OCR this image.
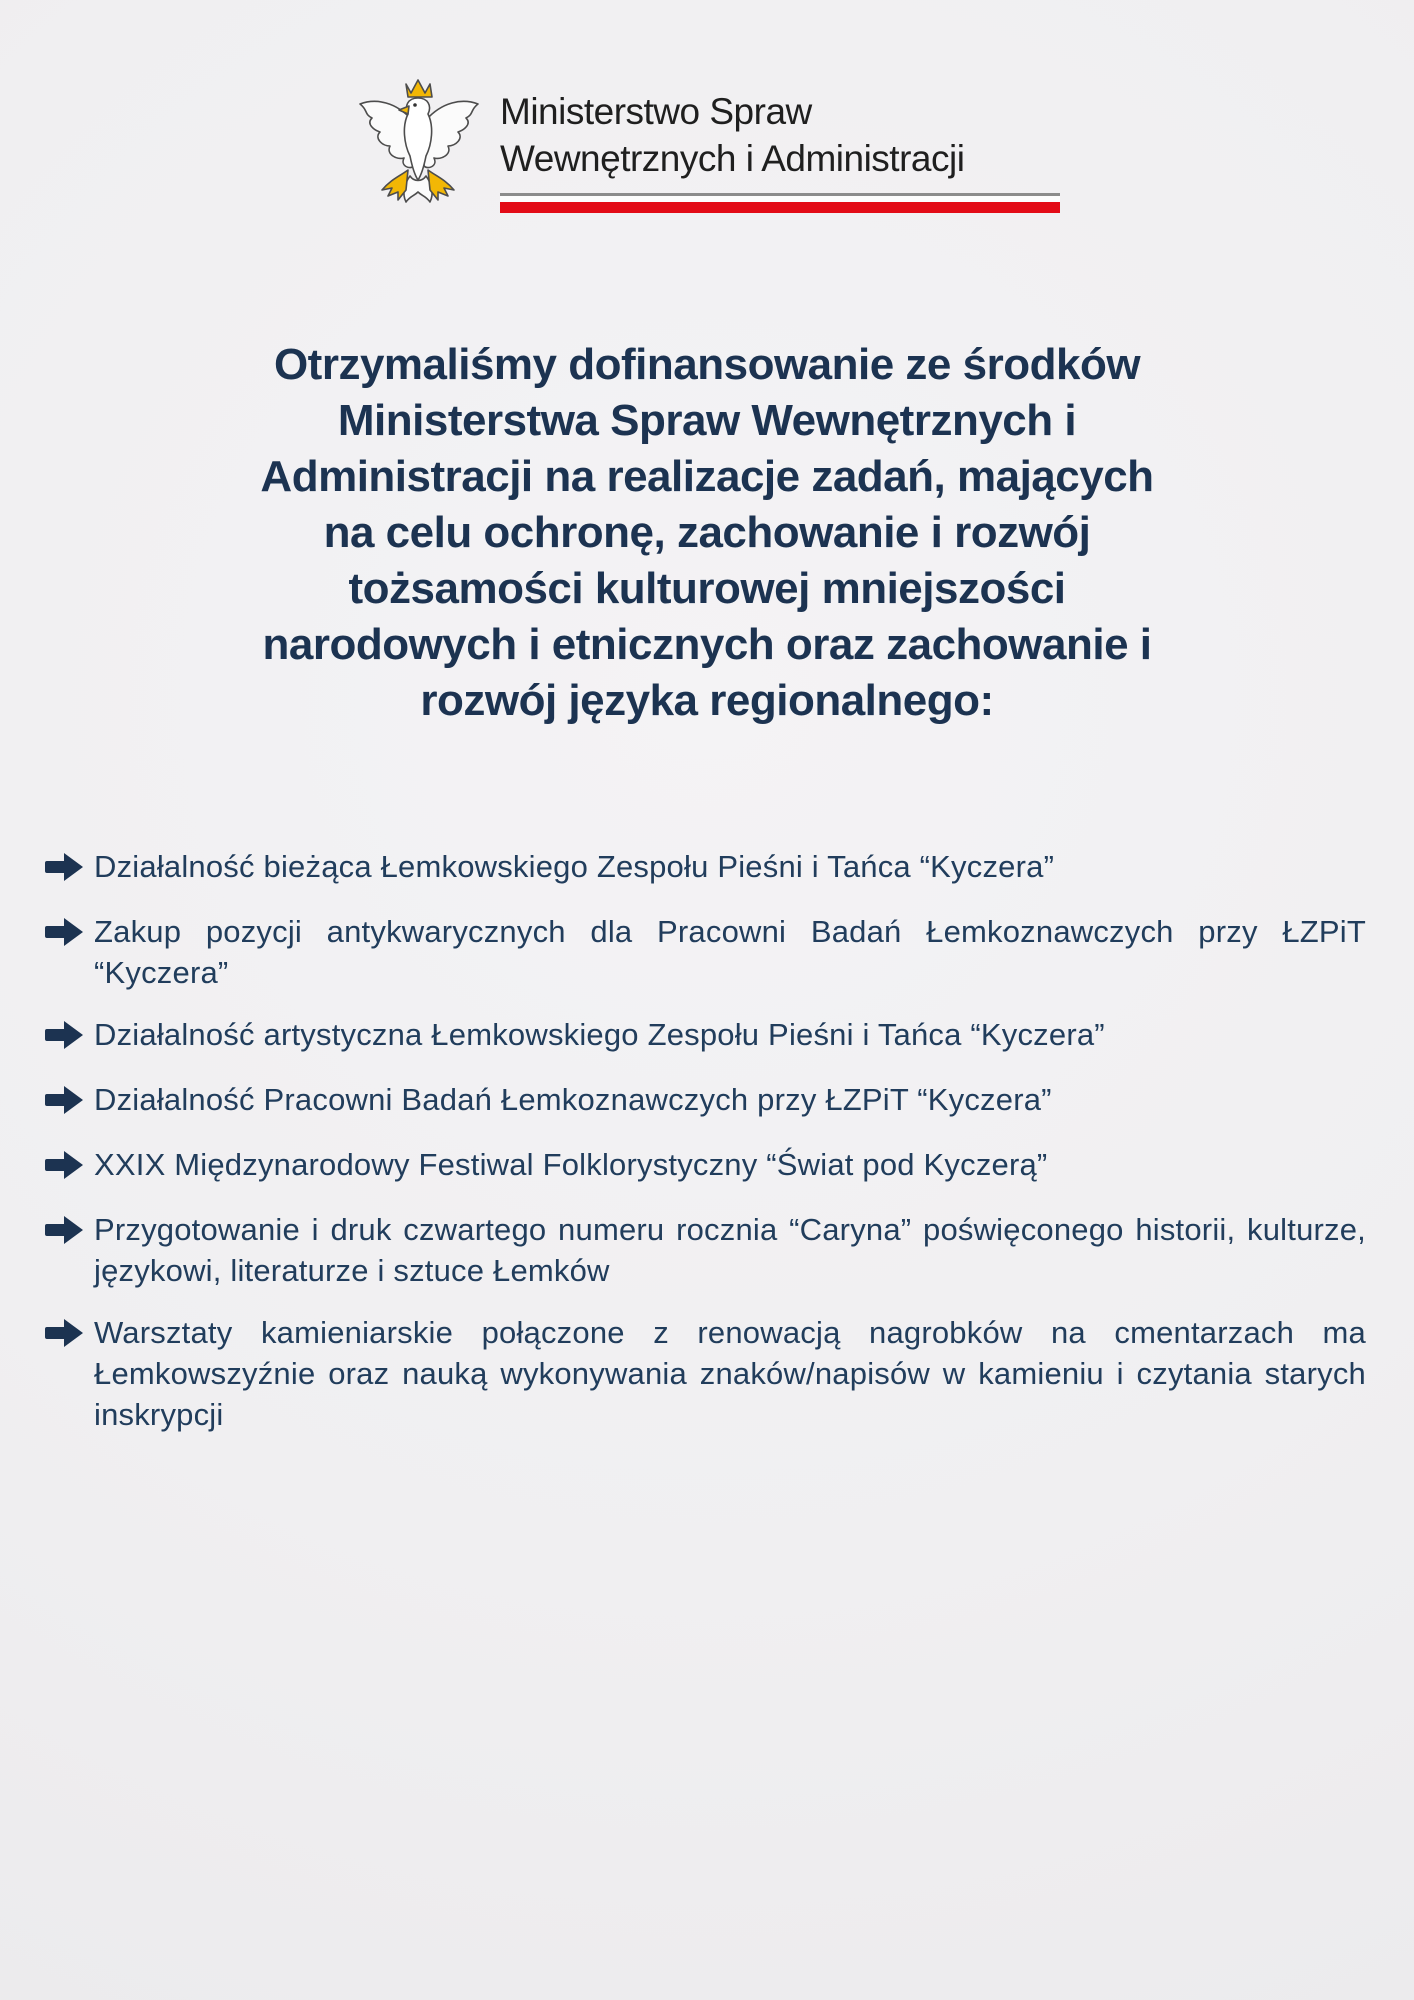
Ministerstwo Spraw
Wewnętrznych i Administracji
Otrzymaliśmy dofinansowanie ze środków
Ministerstwa Spraw Wewnętrznych i
Administracji na realizacje zadań, mających
na celu ochronę, zachowanie i rozwój
tożsamości kulturowej mniejszości
narodowych i etnicznych oraz zachowanie i
rozwój języka regionalnego:
Działalność bieżąca Łemkowskiego Zespołu Pieśni i Tańca “Kyczera”
Zakup pozycji antykwarycznych dla Pracowni Badań Łemkoznawczych przy ŁZPiT “Kyczera”
Działalność artystyczna Łemkowskiego Zespołu Pieśni i Tańca “Kyczera”
Działalność Pracowni Badań Łemkoznawczych przy ŁZPiT “Kyczera”
XXIX Międzynarodowy Festiwal Folklorystyczny “Świat pod Kyczerą”
Przygotowanie i druk czwartego numeru rocznia “Caryna” poświęconego historii, kulturze, językowi, literaturze i sztuce Łemków
Warsztaty kamieniarskie połączone z renowacją nagrobków na cmentarzach ma Łemkowszyźnie oraz nauką wykonywania znaków/napisów w kamieniu i czytania starych inskrypcji
